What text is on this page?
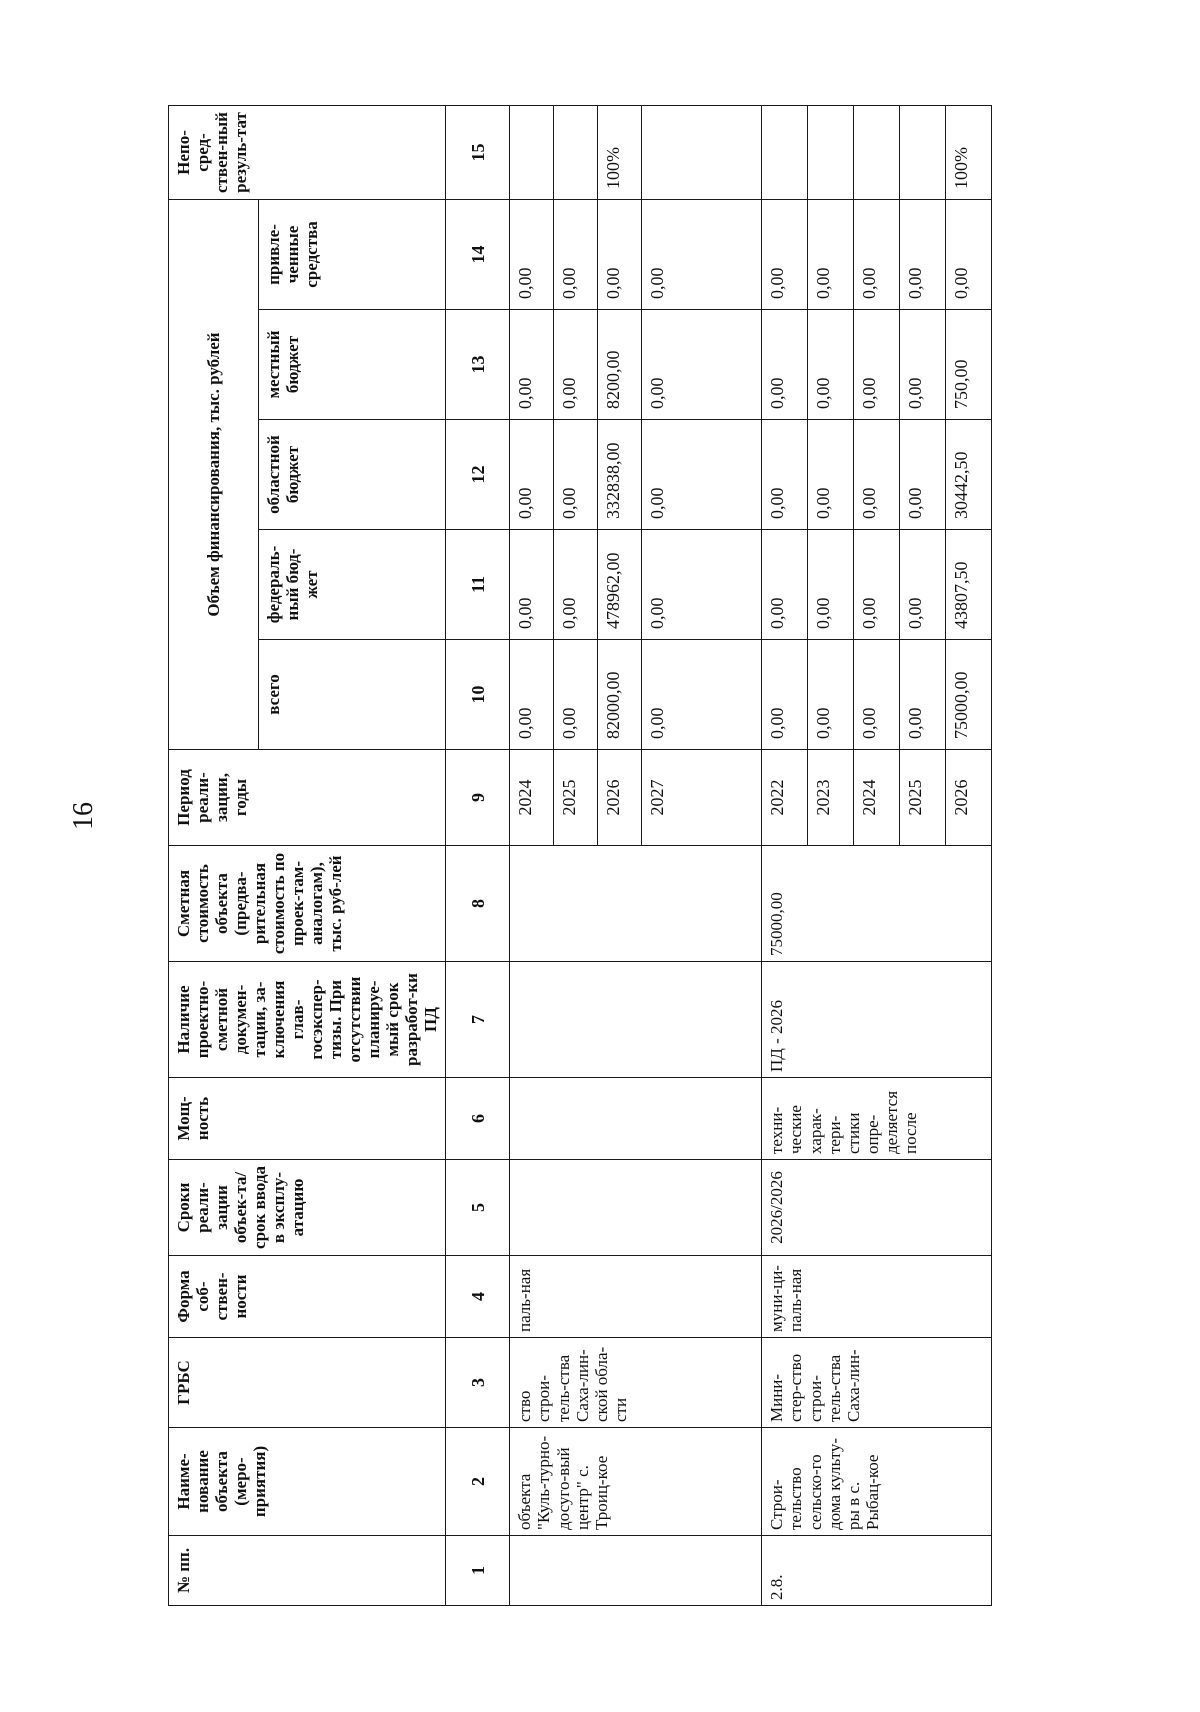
16
№ пп.	Наиме-нование объекта (меро-приятия)	ГРБС	Форма соб-ствен-ности	Сроки реали-зации объек-та/срок ввода в эксплу-атацию	Мощ-ность	Наличие проектно-сметной докумен-тации, за-ключения глав-госэкспер-тизы. При отсутствии планируе-мый срок разработ-ки ПД	Сметная стоимость объекта (предва-рительная стоимость по проек-там-аналогам), тыс. руб-лей	Период реали-зации, годы	Объем финансирования, тыс. рублей					Непо-сред-ствен-ный резуль-тат
									всего	федераль-ный бюд-жет	областной бюджет	местный бюджет	привле-ченные средства	
1	2	3	4	5	6	7	8	9	10	11	12	13	14	15
	объекта "Куль-турно-досуго-вый центр" с. Троиц-кое	ство строи-тель-ства Саха-лин-ской обла-сти	паль-ная					2024	0,00	0,00	0,00	0,00	0,00	
								2025	0,00	0,00	0,00	0,00	0,00	
								2026	82000,00	478962,00	332838,00	8200,00	0,00	100%
								2027	0,00	0,00	0,00	0,00	0,00	
2.8.	Строи-тельство сельско-го дома культу-ры в с. Рыбац-кое	Мини-стер-ство строи-тель-ства Саха-лин-	муни-ци-паль-ная	2026/2026	техни-ческие харак-тери-стики опре-деляется после	ПД - 2026	75000,00	2022	0,00	0,00	0,00	0,00	0,00	
								2023	0,00	0,00	0,00	0,00	0,00	
								2024	0,00	0,00	0,00	0,00	0,00	
								2025	0,00	0,00	0,00	0,00	0,00	
								2026	75000,00	43807,50	30442,50	750,00	0,00	100%
